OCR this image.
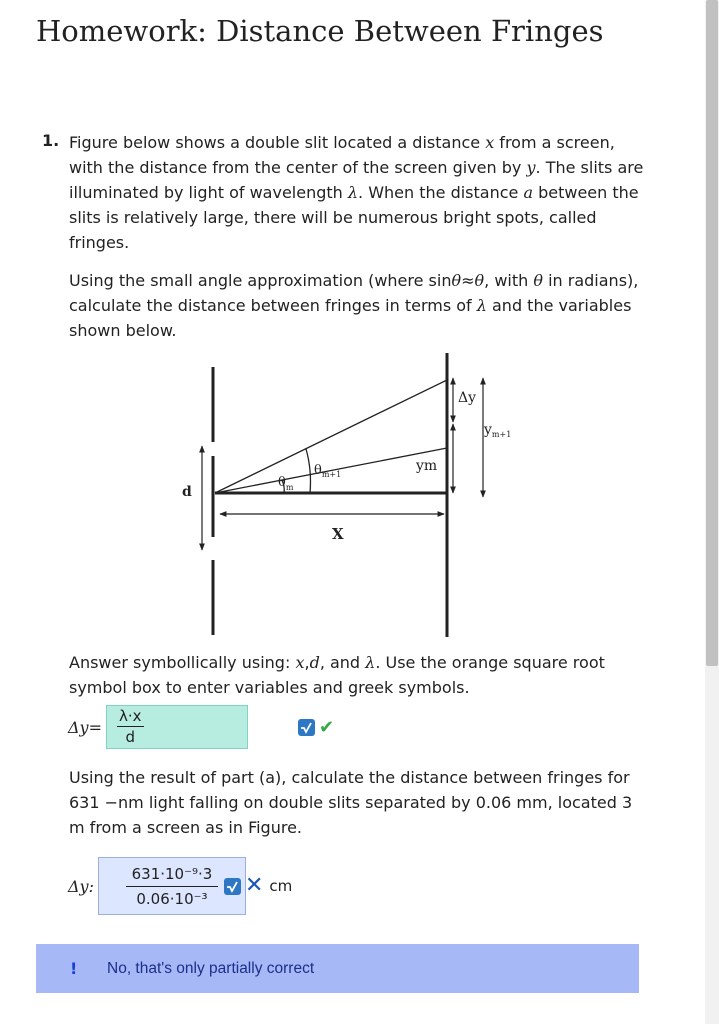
Homework: Distance Between Fringes
1. Figure below shows a double slit located a distance x from a screen, with the distance from the center of the screen given by y. The slits are illuminated by light of wavelength λ. When the distance a between the slits is relatively large, there will be numerous bright spots, called fringes.

Using the small angle approximation (where sinθ≈θ, with θ in radians), calculate the distance between fringes in terms of λ and the variables shown below.

Δy
$y_{m+1}$
ym
$\theta_m$
$\theta_{m+1}$
d
X

Answer symbollically using: x,d, and λ. Use the orange square root symbol box to enter variables and greek symbols.

$\Delta y= \frac{\lambda\cdot x}{d}$	✔

Using the result of part (a), calculate the distance between fringes for 631 −nm light falling on double slits separated by 0.06 mm, located 3 m from a screen as in Figure.

Δy: $\frac{\text{631·10⁻⁹·3}}{\text{0.06·10⁻³}}$ ✕ cm
!	No, that's only partially correct
